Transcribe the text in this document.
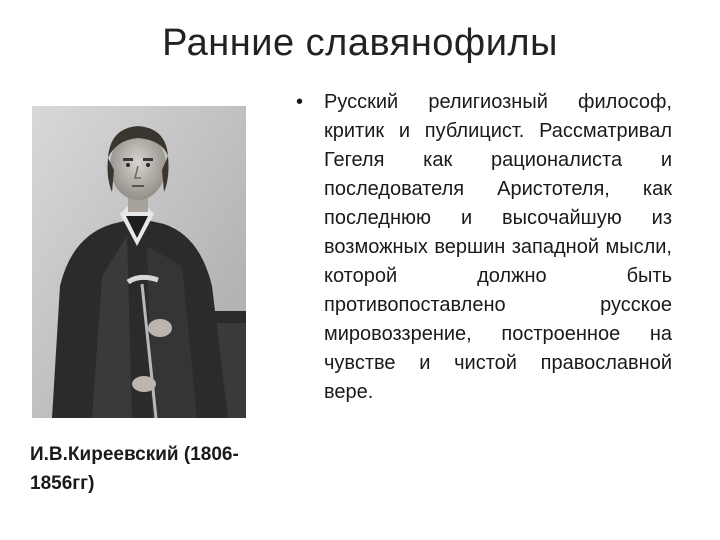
Ранние славянофилы
И.В.Киреевский (1806-1856гг)
•	Русский религиозный философ, критик и публицист. Рассматривал Гегеля как рационалиста и последователя Аристотеля, как последнюю и высочайшую из возможных вершин западной мысли, которой должно быть противопоставлено русское мировоззрение, построенное на чувстве и чистой православной вере.
